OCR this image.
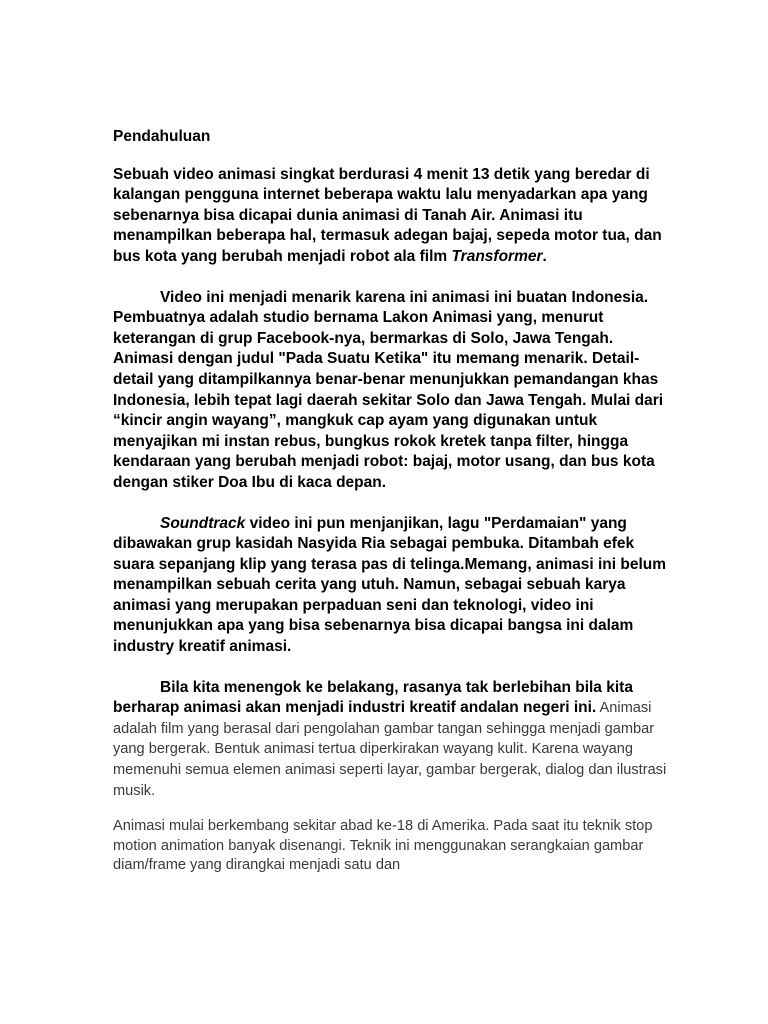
Pendahuluan

Sebuah video animasi singkat berdurasi 4 menit 13 detik yang beredar di kalangan pengguna internet beberapa waktu lalu menyadarkan apa yang sebenarnya bisa dicapai dunia animasi di Tanah Air. Animasi itu menampilkan beberapa hal, termasuk adegan bajaj, sepeda motor tua, dan bus kota yang berubah menjadi robot ala film Transformer.

Video ini menjadi menarik karena ini animasi ini buatan Indonesia. Pembuatnya adalah studio bernama Lakon Animasi yang, menurut keterangan di grup Facebook-nya, bermarkas di Solo, Jawa Tengah. Animasi dengan judul "Pada Suatu Ketika" itu memang menarik. Detail-detail yang ditampilkannya benar-benar menunjukkan pemandangan khas Indonesia, lebih tepat lagi daerah sekitar Solo dan Jawa Tengah. Mulai dari “kincir angin wayang”, mangkuk cap ayam yang digunakan untuk menyajikan mi instan rebus, bungkus rokok kretek tanpa filter, hingga kendaraan yang berubah menjadi robot: bajaj, motor usang, dan bus kota dengan stiker Doa Ibu di kaca depan.

Soundtrack video ini pun menjanjikan, lagu "Perdamaian" yang dibawakan grup kasidah Nasyida Ria sebagai pembuka. Ditambah efek suara sepanjang klip yang terasa pas di telinga.Memang, animasi ini belum menampilkan sebuah cerita yang utuh. Namun, sebagai sebuah karya animasi yang merupakan perpaduan seni dan teknologi, video ini menunjukkan apa yang bisa sebenarnya bisa dicapai bangsa ini dalam industry kreatif animasi.

Bila kita menengok ke belakang, rasanya tak berlebihan bila kita berharap animasi akan menjadi industri kreatif andalan negeri ini. Animasi adalah film yang berasal dari pengolahan gambar tangan sehingga menjadi gambar yang bergerak. Bentuk animasi tertua diperkirakan wayang kulit. Karena wayang memenuhi semua elemen animasi seperti layar, gambar bergerak, dialog dan ilustrasi musik.

Animasi mulai berkembang sekitar abad ke-18 di Amerika. Pada saat itu teknik stop motion animation banyak disenangi. Teknik ini menggunakan serangkaian gambar diam/frame yang dirangkai menjadi satu dan
